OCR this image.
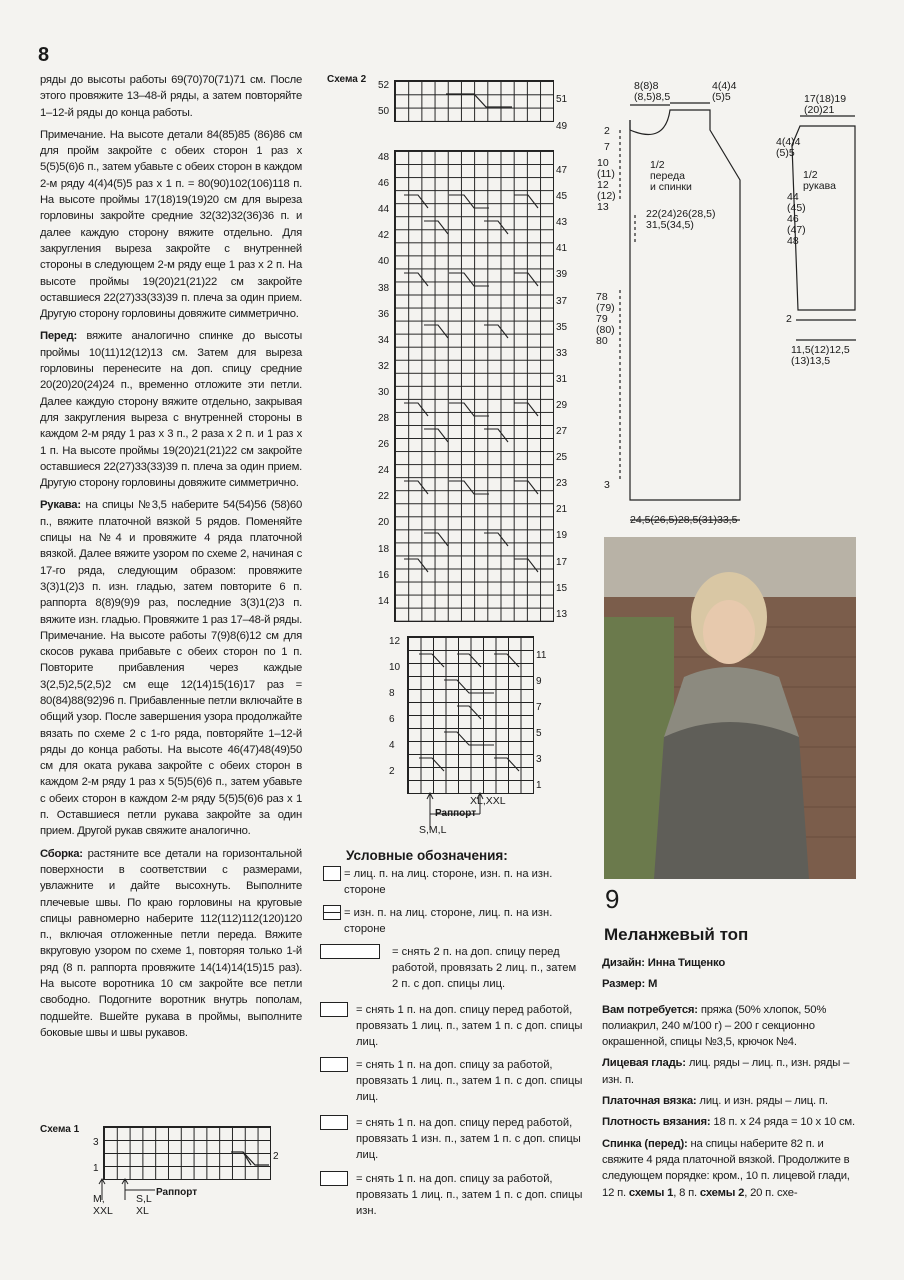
8

ряды до высоты работы 69(70)70(71)71 см. После этого провяжите 13–48-й ряды, а затем повторяйте 1–12-й ряды до конца работы.

Примечание. На высоте детали 84(85)85 (86)86 см для пройм закройте с обеих сторон 1 раз x 5(5)5(6)6 п., затем убавьте с обеих сторон в каждом 2-м ряду 4(4)4(5)5 раз x 1 п. = 80(90)102(106)118 п. На высоте проймы 17(18)19(19)20 см для выреза горловины закройте средние 32(32)32(36)36 п. и далее каждую сторону вяжите отдельно. Для закругления выреза закройте с внутренней стороны в следующем 2-м ряду еще 1 раз x 2 п. На высоте проймы 19(20)21(21)22 см закройте оставшиеся 22(27)33(33)39 п. плеча за один прием. Другую сторону горловины довяжите симметрично.

Перед: вяжите аналогично спинке до высоты проймы 10(11)12(12)13 см. Затем для выреза горловины перенесите на доп. спицу средние 20(20)20(24)24 п., временно отложите эти петли. Далее каждую сторону вяжите отдельно, закрывая для закругления выреза с внутренней стороны в каждом 2-м ряду 1 раз x 3 п., 2 раза x 2 п. и 1 раз x 1 п. На высоте проймы 19(20)21(21)22 см закройте оставшиеся 22(27)33(33)39 п. плеча за один прием. Другую сторону горловины довяжите симметрично.

Рукава: на спицы №3,5 наберите 54(54)56 (58)60 п., вяжите платочной вязкой 5 рядов. Поменяйте спицы на №4 и провяжите 4 ряда платочной вязкой. Далее вяжите узором по схеме 2, начиная с 17-го ряда, следующим образом: провяжите 3(3)1(2)3 п. изн. гладью, затем повторите 6 п. раппорта 8(8)9(9)9 раз, последние 3(3)1(2)3 п. вяжите изн. гладью. Провяжите 1 раз 17–48-й ряды. Примечание. На высоте работы 7(9)8(6)12 см для скосов рукава прибавьте с обеих сторон по 1 п. Повторите прибавления через каждые 3(2,5)2,5(2,5)2 см еще 12(14)15(16)17 раз = 80(84)88(92)96 п. Прибавленные петли включайте в общий узор. После завершения узора продолжайте вязать по схеме 2 с 1-го ряда, повторяйте 1–12-й ряды до конца работы. На высоте 46(47)48(49)50 см для оката рукава закройте с обеих сторон в каждом 2-м ряду 1 раз x 5(5)5(6)6 п., затем убавьте с обеих сторон в каждом 2-м ряду 5(5)5(6)6 раз x 1 п. Оставшиеся петли рукава закройте за один прием. Другой рукав свяжите аналогично.

Сборка: растяните все детали на горизонтальной поверхности в соответствии с размерами, увлажните и дайте высохнуть. Выполните плечевые швы. По краю горловины на круговые спицы равномерно наберите 112(112)112(120)120 п., включая отложенные петли переда. Вяжите вкруговую узором по схеме 1, повторяя только 1-й ряд (8 п. раппорта провяжите 14(14)14(15)15 раз). На высоте воротника 10 см закройте все петли свободно. Подогните воротник внутрь пополам, подшейте. Вшейте рукава в проймы, выполните боковые швы и швы рукавов.

Схема 1
3
1
2
M,
XXL
S,L
XL
Раппорт
Схема 2
52
50
51
49
48
46
44
42
40
38
36
34
32
30
28
26
24
22
20
18
16
14
47
45
43
41
39
37
35
33
31
29
27
25
23
21
19
17
15
13
12
10
8
6
4
2
11
9
7
5
3
1
Раппорт
S,M,L
XL,XXL
Условные обозначения:
= лиц. п. на лиц. стороне, изн. п. на изн. стороне
= изн. п. на лиц. стороне, лиц. п. на изн. стороне
= снять 2 п. на доп. спицу перед работой, провязать 2 лиц. п., затем 2 п. с доп. спицы лиц.
= снять 1 п. на доп. спицу перед работой, провязать 1 лиц. п., затем 1 п. с доп. спицы лиц.
= снять 1 п. на доп. спицу за работой, провязать 1 лиц. п., затем 1 п. с доп. спицы лиц.
= снять 1 п. на доп. спицу перед работой, провязать 1 изн. п., затем 1 п. с доп. спицы лиц.
= снять 1 п. на доп. спицу за работой, провязать 1 лиц. п., затем 1 п. с доп. спицы изн.
8(8)8
(8,5)8,5
4(4)4
(5)5	17(18)19
(20)21
4(4)4
(5)5
2
7
10
(11)
12
(12)
13
1/2
переда
и спинки
22(24)26(28,5)
31,5(34,5)
1/2
рукава
44
(45)
46
(47)
48
78
(79)
79
(80)
80
2
11,5(12)12,5
(13)13,5
3
24,5(26,5)28,5(31)33,5
9
Меланжевый топ

Дизайн: Инна Тищенко

Размер: M

Вам потребуется: пряжа (50% хлопок, 50% полиакрил, 240 м/100 г) – 200 г секционно окрашенной, спицы №3,5, крючок №4.

Лицевая гладь: лиц. ряды – лиц. п., изн. ряды – изн. п.

Платочная вязка: лиц. и изн. ряды – лиц. п.

Плотность вязания: 18 п. x 24 ряда = 10 x 10 см.

Спинка (перед): на спицы наберите 82 п. и свяжите 4 ряда платочной вязкой. Продолжите в следующем порядке: кром., 10 п. лицевой глади, 12 п. схемы 1, 8 п. схемы 2, 20 п. схе-
